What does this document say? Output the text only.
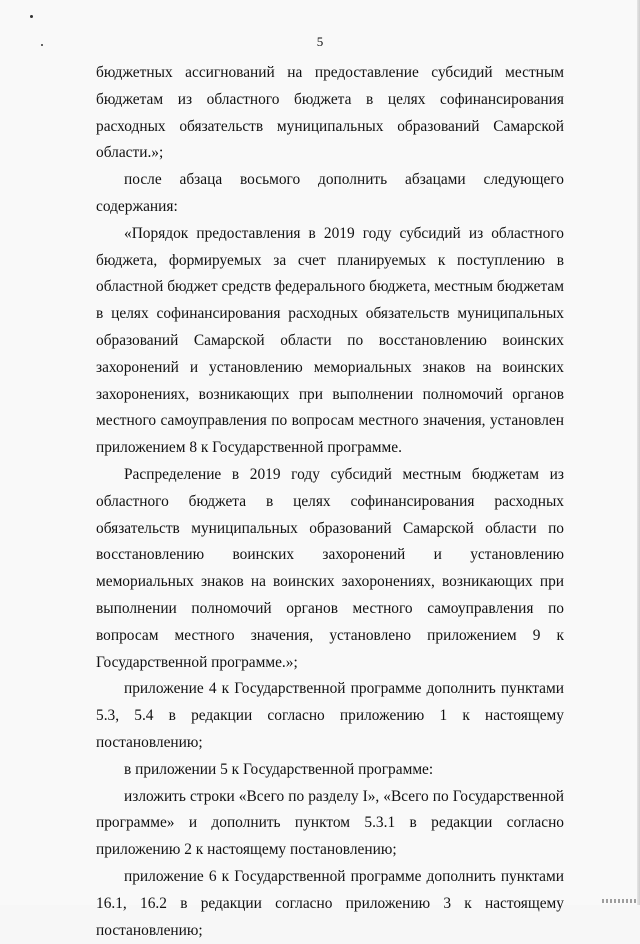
5

бюджетных ассигнований на предоставление субсидий местным бюджетам из областного бюджета в целях софинансирования расходных обязательств муниципальных образований Самарской области.»;

после абзаца восьмого дополнить абзацами следующего содержания:

«Порядок предоставления в 2019 году субсидий из областного бюджета, формируемых за счет планируемых к поступлению в областной бюджет средств федерального бюджета, местным бюджетам в целях софинансирования расходных обязательств муниципальных образований Самарской области по восстановлению воинских захоронений и установлению мемориальных знаков на воинских захоронениях, возникающих при выполнении полномочий органов местного самоуправления по вопросам местного значения, установлен приложением 8 к Государственной программе.

Распределение в 2019 году субсидий местным бюджетам из областного бюджета в целях софинансирования расходных обязательств муниципальных образований Самарской области по восстановлению воинских захоронений и установлению мемориальных знаков на воинских захоронениях, возникающих при выполнении полномочий органов местного самоуправления по вопросам местного значения, установлено приложением 9 к Государственной программе.»;

приложение 4 к Государственной программе дополнить пунктами 5.3, 5.4 в редакции согласно приложению 1 к настоящему постановлению;

в приложении 5 к Государственной программе:

изложить строки «Всего по разделу I», «Всего по Государственной программе» и дополнить пунктом 5.3.1 в редакции согласно приложению 2 к настоящему постановлению;

приложение 6 к Государственной программе дополнить пунктами 16.1, 16.2 в редакции согласно приложению 3 к настоящему постановлению;
